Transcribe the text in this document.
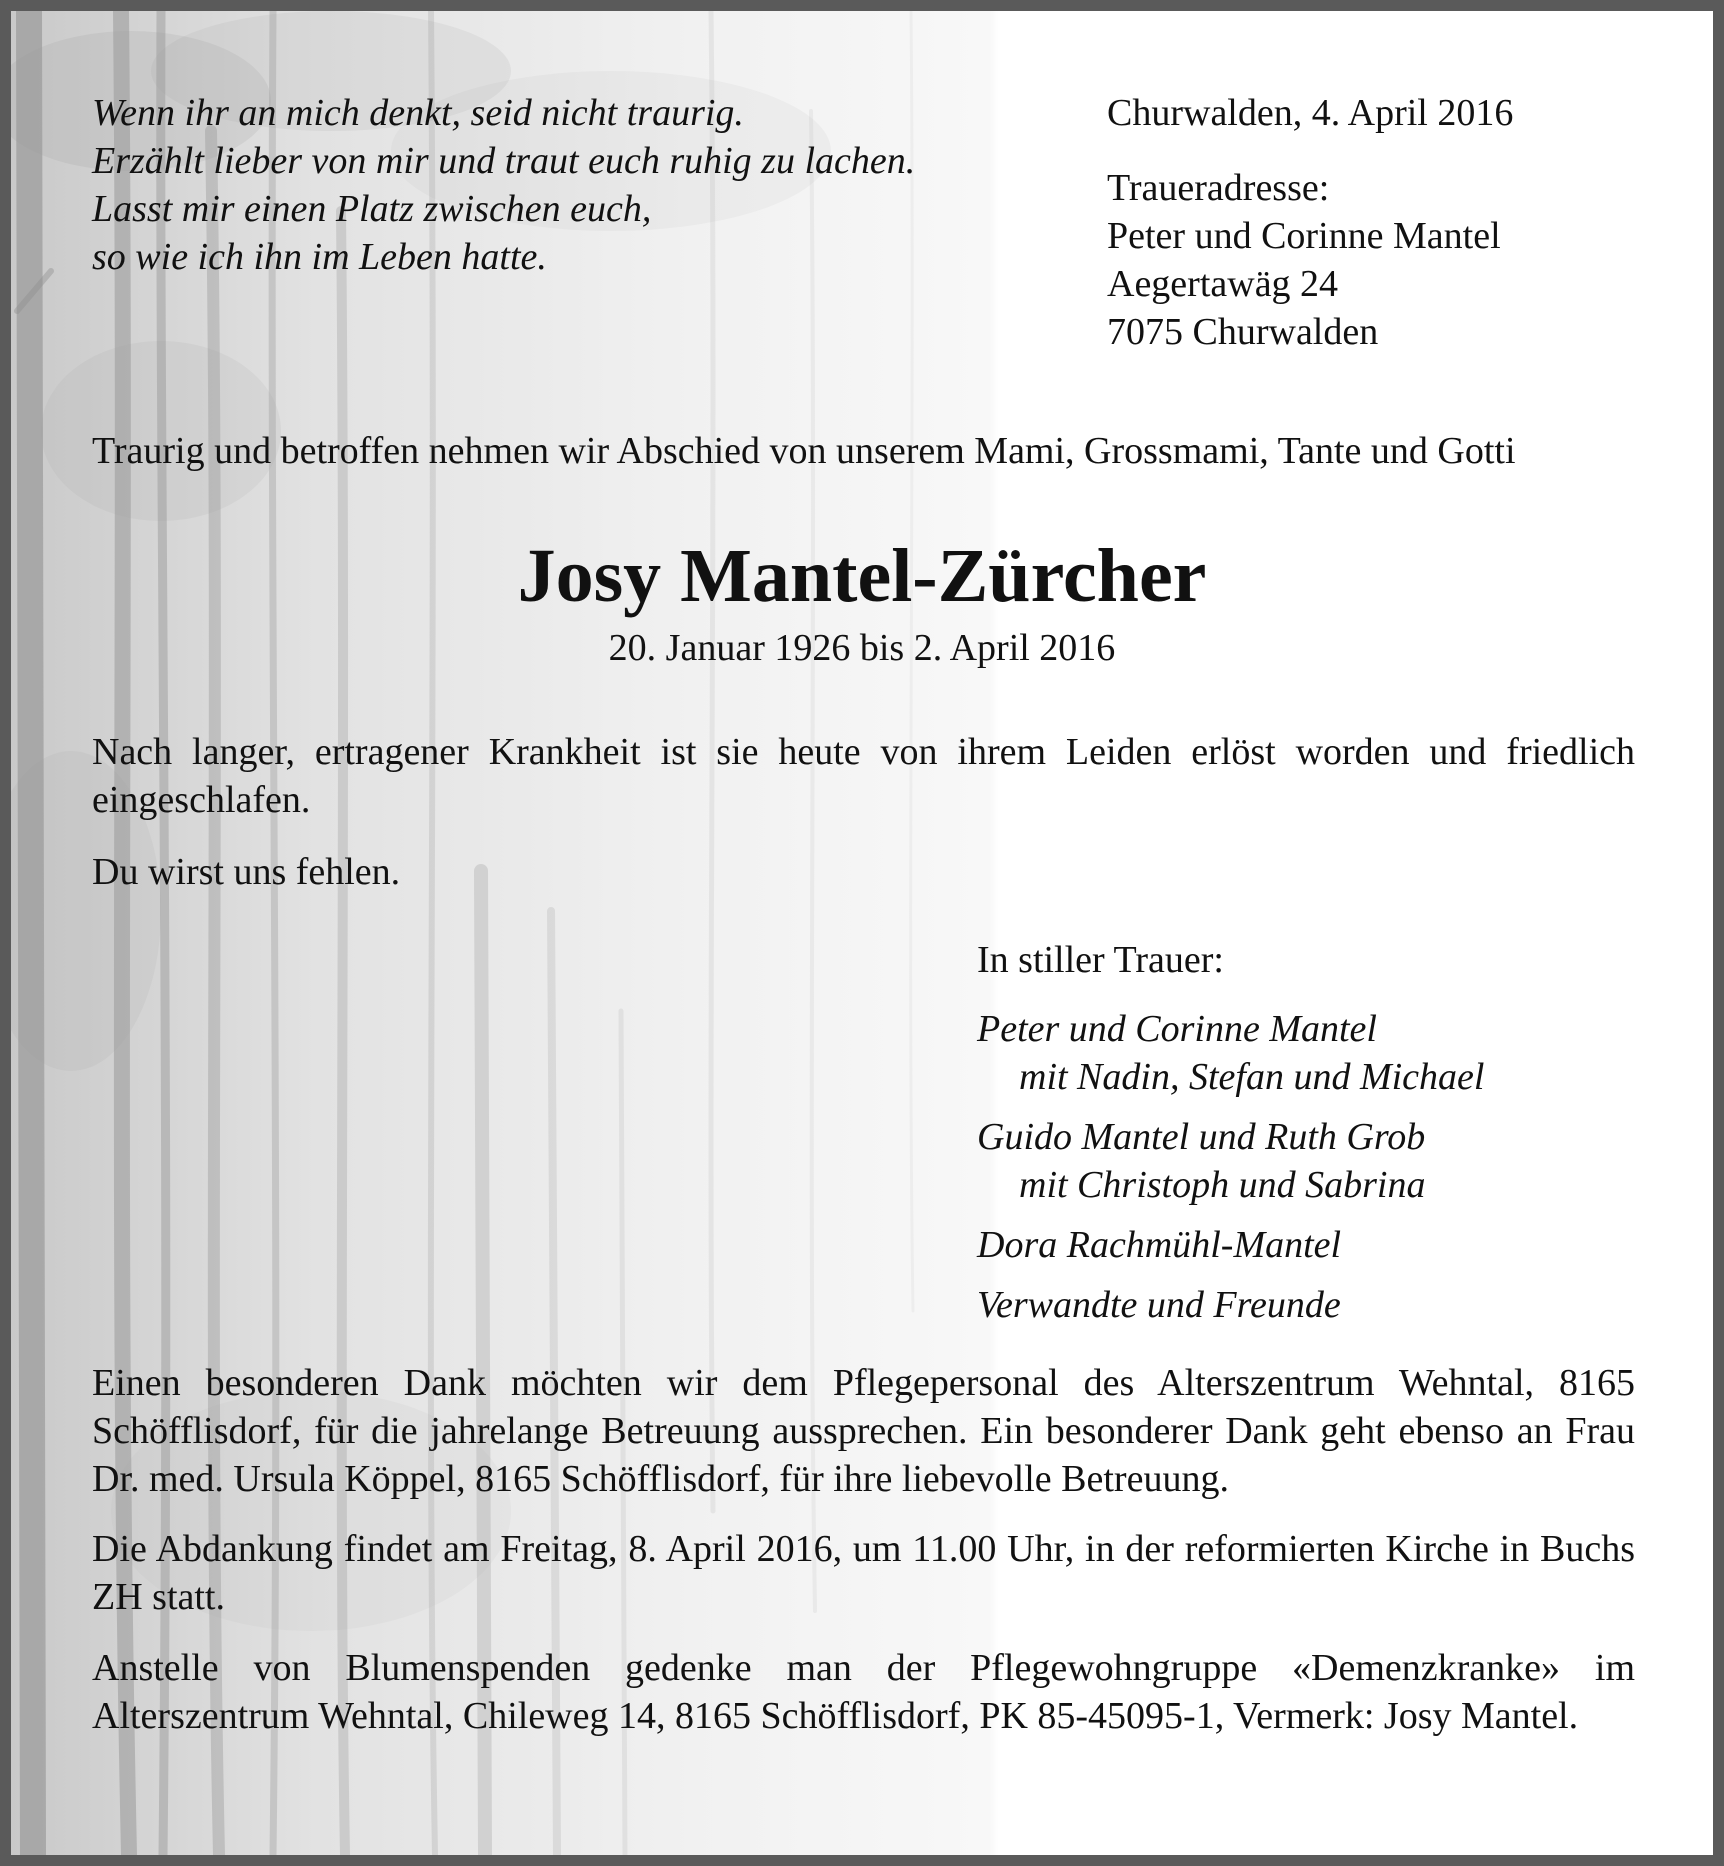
Wenn ihr an mich denkt, seid nicht traurig.
Erzählt lieber von mir und traut euch ruhig zu lachen.
Lasst mir einen Platz zwischen euch,
so wie ich ihn im Leben hatte.
Churwalden, 4. April 2016
Traueradresse:
Peter und Corinne Mantel
Aegertawäg 24
7075 Churwalden

Traurig und betroffen nehmen wir Abschied von unserem Mami, Grossmami, Tante und Gotti

Josy Mantel-Zürcher

20. Januar 1926 bis 2. April 2016

Nach langer, ertragener Krankheit ist sie heute von ihrem Leiden erlöst worden und friedlich eingeschlafen.

Du wirst uns fehlen.

In stiller Trauer:
Peter und Corinne Mantel
mit Nadin, Stefan und Michael
Guido Mantel und Ruth Grob
mit Christoph und Sabrina
Dora Rachmühl-Mantel
Verwandte und Freunde

Einen besonderen Dank möchten wir dem Pflegepersonal des Alterszentrum Wehntal, 8165 Schöfflisdorf, für die jahrelange Betreuung aussprechen. Ein besonderer Dank geht ebenso an Frau Dr. med. Ursula Köppel, 8165 Schöfflisdorf, für ihre liebevolle Betreuung.

Die Abdankung findet am Freitag, 8. April 2016, um 11.00 Uhr, in der reformierten Kirche in Buchs ZH statt.

Anstelle von Blumenspenden gedenke man der Pflegewohngruppe «Demenzkranke» im Alterszentrum Wehntal, Chileweg 14, 8165 Schöfflisdorf, PK 85-45095-1, Vermerk: Josy Mantel.
